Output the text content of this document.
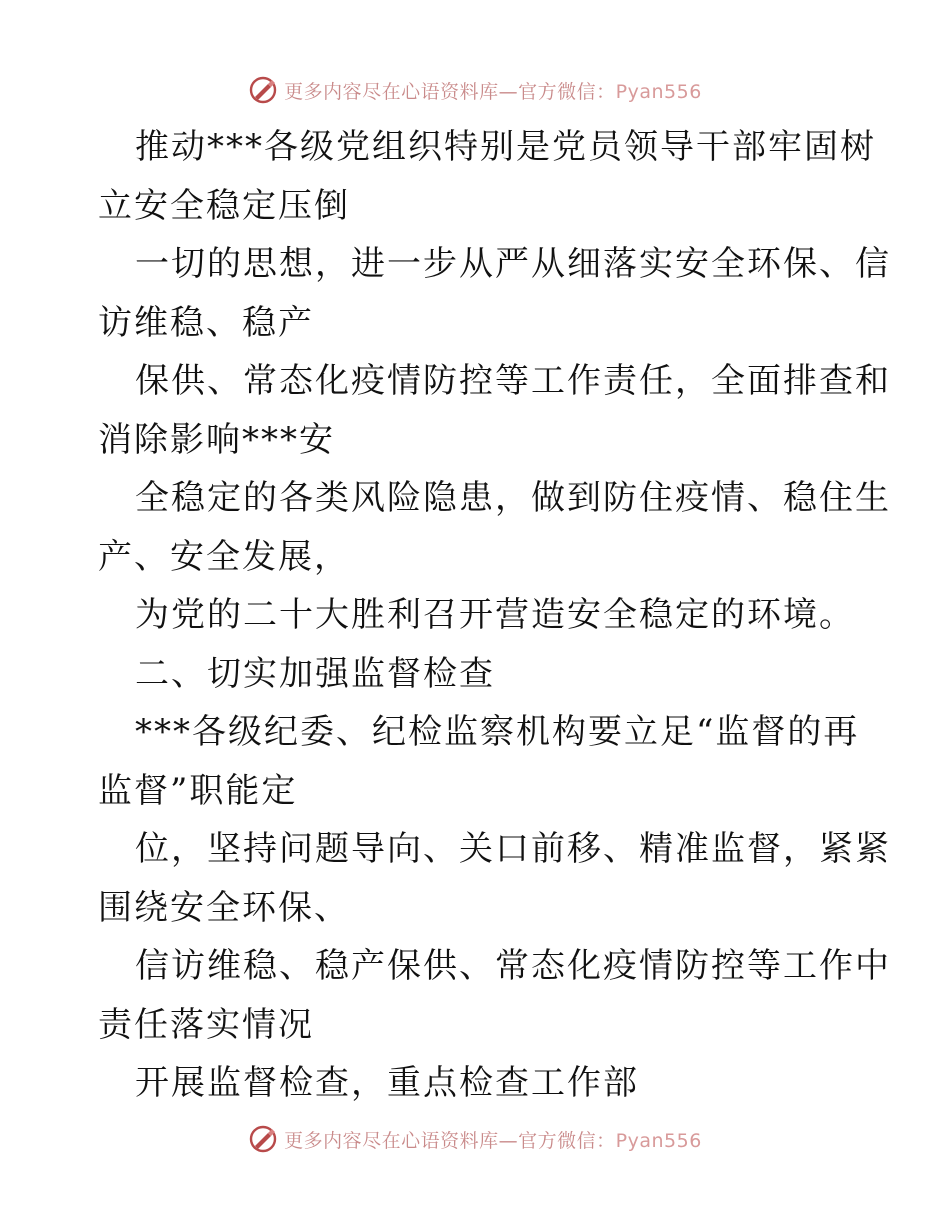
更多内容尽在心语资料库—官方微信：Pyan556
推动***各级党组织特别是党员领导干部牢固树
立安全稳定压倒
一切的思想，进一步从严从细落实安全环保、信
访维稳、稳产
保供、常态化疫情防控等工作责任，全面排查和
消除影响***安
全稳定的各类风险隐患，做到防住疫情、稳住生
产、安全发展，
为党的二十大胜利召开营造安全稳定的环境。
二、切实加强监督检查
***各级纪委、纪检监察机构要立足“监督的再
监督”职能定
位，坚持问题导向、关口前移、精准监督，紧紧
围绕安全环保、
信访维稳、稳产保供、常态化疫情防控等工作中
责任落实情况
开展监督检查，重点检查工作部
更多内容尽在心语资料库—官方微信：Pyan556
